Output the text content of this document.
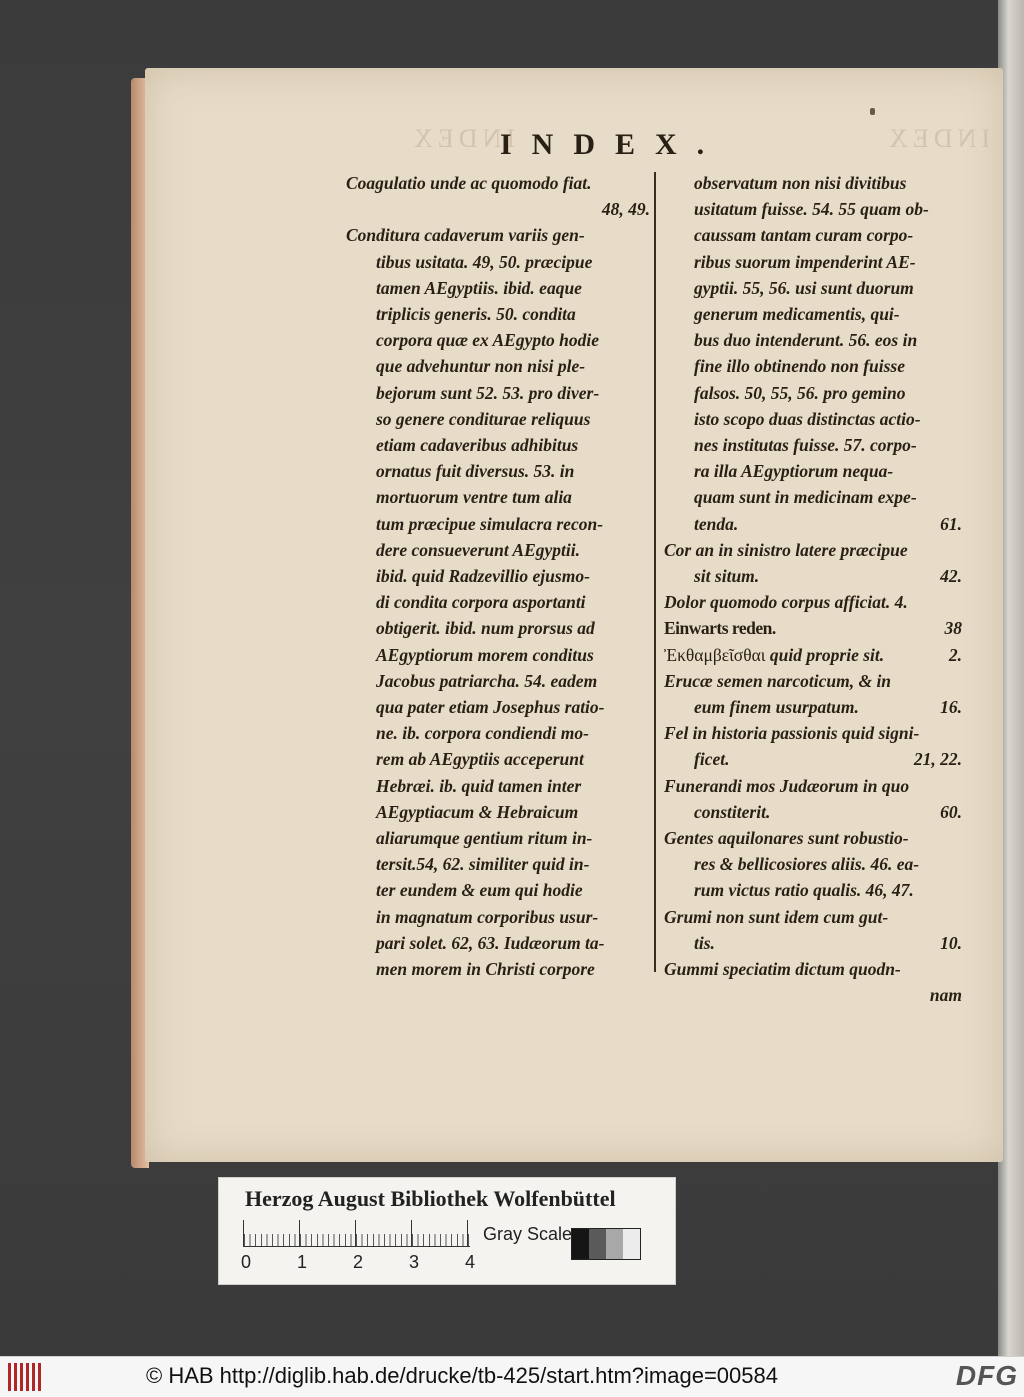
INDEX	INDEX
INDEX.
Coagulatio unde ac quomodo fiat.
48, 49.
Conditura cadaverum variis gen-
tibus usitata. 49, 50. præcipue
tamen AEgyptiis. ibid. eaque
triplicis generis. 50. condita
corpora quæ ex AEgypto hodie
que advehuntur non nisi ple-
bejorum sunt 52. 53. pro diver-
so genere conditurae reliquus
etiam cadaveribus adhibitus
ornatus fuit diversus. 53. in
mortuorum ventre tum alia
tum præcipue simulacra recon-
dere consueverunt AEgyptii.
ibid. quid Radzevillio ejusmo-
di condita corpora asportanti
obtigerit. ibid. num prorsus ad
AEgyptiorum morem conditus
Jacobus patriarcha. 54. eadem
qua pater etiam Josephus ratio-
ne. ib. corpora condiendi mo-
rem ab AEgyptiis acceperunt
Hebræi. ib. quid tamen inter
AEgyptiacum & Hebraicum
aliarumque gentium ritum in-
tersit.54, 62. similiter quid in-
ter eundem & eum qui hodie
in magnatum corporibus usur-
pari solet. 62, 63. Iudæorum ta-
men morem in Christi corpore
observatum non nisi divitibus
usitatum fuisse. 54. 55 quam ob-
caussam tantam curam corpo-
ribus suorum impenderint AE-
gyptii. 55, 56. usi sunt duorum
generum medicamentis, qui-
bus duo intenderunt. 56. eos in
fine illo obtinendo non fuisse
falsos. 50, 55, 56. pro gemino
isto scopo duas distinctas actio-
nes institutas fuisse. 57. corpo-
ra illa AEgyptiorum nequa-
quam sunt in medicinam expe-
tenda.	61.
Cor an in sinistro latere præcipue
sit situm.	42.
Dolor quomodo corpus afficiat. 4.
Einwarts reden.	38
Ἐκθαμβεῖσθαι quid proprie sit.	2.
Erucæ semen narcoticum, & in
eum finem usurpatum.	16.
Fel in historia passionis quid signi-
ficet.	21, 22.
Funerandi mos Judæorum in quo
constiterit.	60.
Gentes aquilonares sunt robustio-
res & bellicosiores aliis. 46. ea-
rum victus ratio qualis. 46, 47.
Grumi non sunt idem cum gut-
tis.	10.
Gummi speciatim dictum quodn-
nam
Herzog August Bibliothek Wolfenbüttel
0	1	2	3	4
Gray Scale
© HAB http://diglib.hab.de/drucke/tb-425/start.htm?image=00584	DFG
